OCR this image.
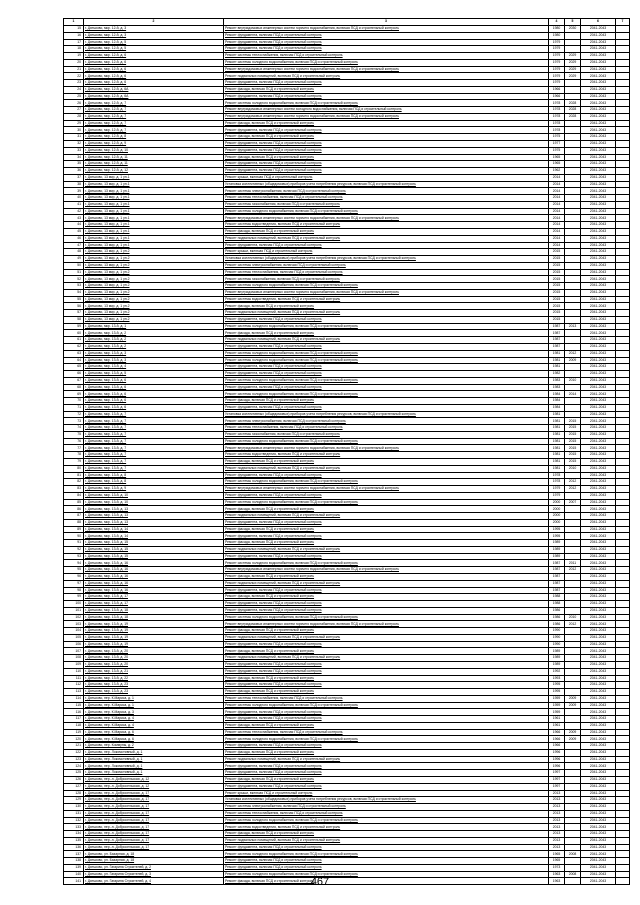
1	2	3	4	5	6	7
15	г. Дятьково, мкр. 12-й, д. 3	Ремонт внутридомовых инженерных систем горячего водоснабжения, включая ПСД и строительный контроль	1980	2030	2041-2043	
16	г. Дятьково, мкр. 12-й, д. 3	Ремонт фундамента, включая ПСД и строительный контроль	1980		2041-2043	
17	г. Дятьково, мкр. 12-й, д. 5	Ремонт фундамента, включая ПСД и строительный контроль	1979		2041-2043	
18	г. Дятьково, мкр. 12-й, д. 5	Ремонт фундамента, включая ПСД и строительный контроль	1979		2041-2043	
19	г. Дятьково, мкр. 12-й, д. 6	Ремонт системы теплоснабжения, включая ПСД и строительный контроль	1979	2029	2041-2043	
20	г. Дятьково, мкр. 12-й, д. 6	Ремонт системы холодного водоснабжения, включая ПСД и строительный контроль	1979	2029	2041-2043	
21	г. Дятьково, мкр. 12-й, д. 6	Ремонт внутридомовых инженерных систем горячего водоснабжения, включая ПСД и строительный контроль	1979	2029	2041-2043	
22	г. Дятьково, мкр. 12-й, д. 6	Ремонт подвальных помещений, включая ПСД и строительный контроль	1979	2029	2041-2043	
23	г. Дятьково, мкр. 12-й, д. 6	Ремонт фундамента, включая ПСД и строительный контроль	1979		2041-2043	
24	г. Дятьково, мкр. 12-й, д. 6А	Ремонт фасада, включая ПСД и строительный контроль	1966		2041-2043	
25	г. Дятьково, мкр. 12-й, д. 6А	Ремонт фундамента, включая ПСД и строительный контроль	1966		2041-2043	
26	г. Дятьково, мкр. 12-й, д. 7	Ремонт системы холодного водоснабжения, включая ПСД и строительный контроль	1978	2028	2041-2043	
27	г. Дятьково, мкр. 12-й, д. 7	Ремонт внутридомовых инженерных систем холодного водоснабжения, включая ПСД и строительный контроль	1978	2028	2041-2043	
28	г. Дятьково, мкр. 12-й, д. 7	Ремонт внутридомовых инженерных систем горячего водоснабжения, включая ПСД и строительный контроль	1978	2028	2041-2043	
29	г. Дятьково, мкр. 12-й, д. 7	Ремонт фасада, включая ПСД и строительный контроль	1978		2041-2043	
30	г. Дятьково, мкр. 12-й, д. 7	Ремонт фундамента, включая ПСД и строительный контроль	1978		2041-2043	
31	г. Дятьково, мкр. 12-й, д. 8	Ремонт фасада, включая ПСД и строительный контроль	1975		2041-2043	
32	г. Дятьково, мкр. 12-й, д. 9	Ремонт фундамента, включая ПСД и строительный контроль	1977		2041-2043	
33	г. Дятьково, мкр. 12-й, д. 10	Ремонт фундамента, включая ПСД и строительный контроль	1975		2041-2043	
34	г. Дятьково, мкр. 12-й, д. 11	Ремонт фасада, включая ПСД и строительный контроль	1965		2041-2043	
35	г. Дятьково, мкр. 12-й, д. 11	Ремонт фундамента, включая ПСД и строительный контроль	1965		2041-2043	
36	г. Дятьково, мкр. 12-й, д. 12	Ремонт фундамента, включая ПСД и строительный контроль	1962		2041-2043	
37	г. Дятьково, 13 мкр, д. 1 ун.1	Ремонт крыши, включая ПСД и строительный контроль	2014		2041-2043	
38	г. Дятьково, 13 мкр, д. 1 ун.1	Установка коллективных (общедомовых) приборов учета потребления ресурсов, включая ПСД и строительный контроль	2014		2041-2043	
39	г. Дятьково, 13 мкр, д. 1 ун.1	Ремонт системы электроснабжения, включая ПСД и строительный контроль	2014		2041-2043	
40	г. Дятьково, 13 мкр, д. 1 ун.1	Ремонт системы теплоснабжения, включая ПСД и строительный контроль	2014		2041-2043	
41	г. Дятьково, 13 мкр, д. 1 ун.1	Ремонт системы газоснабжения, включая ПСД и строительный контроль	2014		2041-2043	
42	г. Дятьково, 13 мкр, д. 1 ун.1	Ремонт системы холодного водоснабжения, включая ПСД и строительный контроль	2014		2041-2043	
43	г. Дятьково, 13 мкр, д. 1 ун.1	Ремонт внутридомовых инженерных систем горячего водоснабжения, включая ПСД и строительный контроль	2014		2041-2043	
44	г. Дятьково, 13 мкр, д. 1 ун.1	Ремонт системы водоотведения, включая ПСД и строительный контроль	2014		2041-2043	
45	г. Дятьково, 13 мкр, д. 1 ун.1	Ремонт фасада, включая ПСД и строительный контроль	2014		2041-2043	
46	г. Дятьково, 13 мкр, д. 1 ун.1	Ремонт подвальных помещений, включая ПСД и строительный контроль	2014		2041-2043	
47	г. Дятьково, 13 мкр, д. 1 ун.1	Ремонт фундамента, включая ПСД и строительный контроль	2014		2041-2043	
48	г. Дятьково, 13 мкр, д. 1 ун.2	Ремонт крыши, включая ПСД и строительный контроль	2015		2041-2043	
49	г. Дятьково, 13 мкр, д. 1 ун.2	Установка коллективных (общедомовых) приборов учета потребления ресурсов, включая ПСД и строительный контроль	2015		2041-2043	
50	г. Дятьково, 13 мкр, д. 1 ун.2	Ремонт системы электроснабжения, включая ПСД и строительный контроль	2015		2041-2043	
51	г. Дятьково, 13 мкр, д. 1 ун.2	Ремонт системы теплоснабжения, включая ПСД и строительный контроль	2015		2041-2043	
52	г. Дятьково, 13 мкр, д. 1 ун.2	Ремонт системы газоснабжения, включая ПСД и строительный контроль	2015		2041-2043	
53	г. Дятьково, 13 мкр, д. 1 ун.2	Ремонт системы холодного водоснабжения, включая ПСД и строительный контроль	2015		2041-2043	
54	г. Дятьково, 13 мкр, д. 1 ун.2	Ремонт внутридомовых инженерных систем горячего водоснабжения, включая ПСД и строительный контроль	2015		2041-2043	
55	г. Дятьково, 13 мкр, д. 1 ун.2	Ремонт системы водоотведения, включая ПСД и строительный контроль	2015		2041-2043	
56	г. Дятьково, 13 мкр, д. 1 ун.2	Ремонт фасада, включая ПСД и строительный контроль	2015		2041-2043	
57	г. Дятьково, 13 мкр, д. 1 ун.2	Ремонт подвальных помещений, включая ПСД и строительный контроль	2015		2041-2043	
58	г. Дятьково, 13 мкр, д. 1 ун.2	Ремонт фундамента, включая ПСД и строительный контроль	2015		2041-2043	
59	г. Дятьково, мкр. 13-й, д. 1	Ремонт системы холодного водоснабжения, включая ПСД и строительный контроль	1987	2013	2041-2043	
60	г. Дятьково, мкр. 13-й, д. 2	Ремонт фасада, включая ПСД и строительный контроль	1987		2041-2043	
61	г. Дятьково, мкр. 13-й, д. 2	Ремонт подвальных помещений, включая ПСД и строительный контроль	1987		2041-2043	
62	г. Дятьково, мкр. 13-й, д. 2	Ремонт фундамента, включая ПСД и строительный контроль	1987		2041-2043	
63	г. Дятьково, мкр. 13-й, д. 3	Ремонт системы холодного водоснабжения, включая ПСД и строительный контроль	1981	2012	2041-2043	
64	г. Дятьково, мкр. 13-й, д. 3	Ремонт системы холодного водоснабжения, включая ПСД и строительный контроль	1981	2009	2041-2043	
65	г. Дятьково, мкр. 13-й, д. 4	Ремонт фундамента, включая ПСД и строительный контроль	1981		2041-2043	
66	г. Дятьково, мкр. 13-й, д. 5	Ремонт фундамента, включая ПСД и строительный контроль	1982		2041-2043	
67	г. Дятьково, мкр. 13-й, д. 6	Ремонт системы холодного водоснабжения, включая ПСД и строительный контроль	1983	2010	2041-2043	
68	г. Дятьково, мкр. 13-й, д. 6	Ремонт фундамента, включая ПСД и строительный контроль	1983		2041-2043	
69	г. Дятьково, мкр. 13-й, д. 6	Ремонт системы холодного водоснабжения, включая ПСД и строительный контроль	1984	2014	2041-2043	
70	г. Дятьково, мкр. 13-й, д. 6	Ремонт фасада, включая ПСД и строительный контроль	1984		2041-2043	
71	г. Дятьково, мкр. 13-й, д. 6	Ремонт фундамента, включая ПСД и строительный контроль	1984		2041-2043	
72	г. Дятьково, мкр. 13-й, д. 7	Установка коллективных (общедомовых) приборов учета потребления ресурсов, включая ПСД и строительный контроль	1981		2041-2043	
73	г. Дятьково, мкр. 13-й, д. 7	Ремонт системы электроснабжения, включая ПСД и строительный контроль	1981	2015	2041-2043	
74	г. Дятьково, мкр. 13-й, д. 7	Ремонт системы теплоснабжения, включая ПСД и строительный контроль	1981	2015	2041-2043	
75	г. Дятьково, мкр. 13-й, д. 7	Ремонт системы газоснабжения, включая ПСД и строительный контроль	1981	2015	2041-2043	
76	г. Дятьково, мкр. 13-й, д. 7	Ремонт системы холодного водоснабжения, включая ПСД и строительный контроль	1981	2015	2041-2043	
77	г. Дятьково, мкр. 13-й, д. 7	Ремонт внутридомовых инженерных систем горячего водоснабжения, включая ПСД и строительный контроль	1981	2015	2041-2043	
78	г. Дятьково, мкр. 13-й, д. 7	Ремонт системы водоотведения, включая ПСД и строительный контроль	1981	2015	2041-2043	
79	г. Дятьково, мкр. 13-й, д. 7	Ремонт фасада, включая ПСД и строительный контроль	1981	2015	2041-2043	
80	г. Дятьково, мкр. 13-й, д. 7	Ремонт подвальных помещений, включая ПСД и строительный контроль	1981	2010	2041-2043	
81	г. Дятьково, мкр. 13-й, д. 8	Ремонт фундамента, включая ПСД и строительный контроль	1978		2041-2043	
82	г. Дятьково, мкр. 13-й, д. 8	Ремонт системы холодного водоснабжения, включая ПСД и строительный контроль	1978	2012	2041-2043	
83	г. Дятьково, мкр. 13-й, д. 9	Ремонт внутридомовых инженерных систем горячего водоснабжения, включая ПСД и строительный контроль	1979	2012	2041-2043	
84	г. Дятьково, мкр. 13-й, д. 10	Ремонт фундамента, включая ПСД и строительный контроль	1979		2041-2043	
85	г. Дятьково, мкр. 13-й, д. 10	Ремонт системы холодного водоснабжения, включая ПСД и строительный контроль	2000	2007	2041-2043	
86	г. Дятьково, мкр. 13-й, д. 13	Ремонт фасада, включая ПСД и строительный контроль	2000		2041-2043	
87	г. Дятьково, мкр. 13-й, д. 13	Ремонт подвальных помещений, включая ПСД и строительный контроль	2000		2041-2043	
88	г. Дятьково, мкр. 13-й, д. 13	Ремонт фундамента, включая ПСД и строительный контроль	2000		2041-2043	
89	г. Дятьково, мкр. 13-й, д. 14	Ремонт фасада, включая ПСД и строительный контроль	1995		2041-2043	
90	г. Дятьково, мкр. 13-й, д. 14	Ремонт фундамента, включая ПСД и строительный контроль	1995		2041-2043	
91	г. Дятьково, мкр. 13-й, д. 15	Ремонт фасада, включая ПСД и строительный контроль	1989		2041-2043	
92	г. Дятьково, мкр. 13-й, д. 15	Ремонт подвальных помещений, включая ПСД и строительный контроль	1989		2041-2043	
93	г. Дятьково, мкр. 13-й, д. 15	Ремонт фундамента, включая ПСД и строительный контроль	1989		2041-2043	
94	г. Дятьково, мкр. 13-й, д. 16	Ремонт системы холодного водоснабжения, включая ПСД и строительный контроль	1987	2011	2041-2043	
95	г. Дятьково, мкр. 13-й, д. 16	Ремонт внутридомовых инженерных систем горячего водоснабжения, включая ПСД и строительный контроль	1987	2012	2041-2043	
96	г. Дятьково, мкр. 13-й, д. 16	Ремонт фасада, включая ПСД и строительный контроль	1987		2041-2043	
97	г. Дятьково, мкр. 13-й, д. 16	Ремонт подвальных помещений, включая ПСД и строительный контроль	1987		2041-2043	
98	г. Дятьково, мкр. 13-й, д. 16	Ремонт фундамента, включая ПСД и строительный контроль	1987		2041-2043	
99	г. Дятьково, мкр. 13-й, д. 17	Ремонт фасада, включая ПСД и строительный контроль	1988		2041-2043	
100	г. Дятьково, мкр. 13-й, д. 17	Ремонт фундамента, включая ПСД и строительный контроль	1988		2041-2043	
101	г. Дятьково, мкр. 13-й, д. 18	Ремонт фундамента, включая ПСД и строительный контроль	1986		2041-2043	
102	г. Дятьково, мкр. 13-й, д. 18	Ремонт системы холодного водоснабжения, включая ПСД и строительный контроль	1986	2010	2041-2043	
103	г. Дятьково, мкр. 13-й, д. 19	Ремонт внутридомовых инженерных систем горячего водоснабжения, включая ПСД и строительный контроль	1986	2012	2041-2043	
104	г. Дятьково, мкр. 13-й, д. 19	Ремонт фасада, включая ПСД и строительный контроль	1990		2041-2043	
105	г. Дятьково, мкр. 13-й, д. 19	Ремонт подвальных помещений, включая ПСД и строительный контроль	1990		2041-2043	
106	г. Дятьково, мкр. 13-й, д. 19	Ремонт фундамента, включая ПСД и строительный контроль	1990		2041-2043	
107	г. Дятьково, мкр. 13-й, д. 20	Ремонт фасада, включая ПСД и строительный контроль	1989		2041-2043	
108	г. Дятьково, мкр. 13-й, д. 20	Ремонт подвальных помещений, включая ПСД и строительный контроль	1989		2041-2043	
109	г. Дятьково, мкр. 13-й, д. 20	Ремонт фундамента, включая ПСД и строительный контроль	1989		2041-2043	
110	г. Дятьково, мкр. 13-й, д. 21	Ремонт фундамента, включая ПСД и строительный контроль	1992		2041-2043	
111	г. Дятьково, мкр. 13-й, д. 22	Ремонт фасада, включая ПСД и строительный контроль	1993		2041-2043	
112	г. Дятьково, мкр. 13-й, д. 23	Ремонт фундамента, включая ПСД и строительный контроль	1995		2041-2043	
113	г. Дятьково, мкр. 13-й, д. 23	Ремонт фасада, включая ПСД и строительный контроль	1995		2041-2043	
114	г. Дятьково, пер. К.Маркса, д. 1	Ремонт системы теплоснабжения, включая ПСД и строительный контроль	1959	2009	2041-2043	
115	г. Дятьково, пер. К.Маркса, д. 1	Ремонт системы холодного водоснабжения, включая ПСД и строительный контроль	1959	2009	2041-2043	
116	г. Дятьково, пер. К.Маркса, д. 3	Ремонт фундамента, включая ПСД и строительный контроль	1959		2041-2043	
117	г. Дятьково, пер. К.Маркса, д. 4	Ремонт фундамента, включая ПСД и строительный контроль	1961		2041-2043	
118	г. Дятьково, пер. К.Маркса, д. 4	Ремонт фасада, включая ПСД и строительный контроль	1961		2041-2043	
119	г. Дятьково, пер. К.Маркса, д. 6	Ремонт системы теплоснабжения, включая ПСД и строительный контроль	1966	2009	2041-2043	
120	г. Дятьково, пер. К.Маркса, д. 6	Ремонт системы холодного водоснабжения, включая ПСД и строительный контроль	1966	2009	2041-2043	
121	г. Дятьково, пер. Коммуны, д. 2	Ремонт фундамента, включая ПСД и строительный контроль	1966		2041-2043	
122	г. Дятьково, пер. Локомотивный, д. 1	Ремонт фасада, включая ПСД и строительный контроль	1996		2041-2043	
123	г. Дятьково, пер. Локомотивный, д. 1	Ремонт подвальных помещений, включая ПСД и строительный контроль	1996		2041-2043	
124	г. Дятьково, пер. Локомотивный, д. 1	Ремонт фундамента, включая ПСД и строительный контроль	1996		2041-2043	
125	г. Дятьково, пер. Локомотивный, д. 1	Ремонт фундамента, включая ПСД и строительный контроль	1997		2041-2043	
126	г. Дятьково, пер.-п. Добросельская, д. 12	Ремонт фасада, включая ПСД и строительный контроль	1997		2041-2043	
127	г. Дятьково, пер.-п. Добросельская, д. 12	Ремонт фундамента, включая ПСД и строительный контроль	1997		2041-2043	
128	г. Дятьково, пер.-п. Добросельская, д. 17	Ремонт крыши, включая ПСД и строительный контроль	2013		2041-2043	
129	г. Дятьково, пер.-п. Добросельская, д. 17	Установка коллективных (общедомовых) приборов учета потребления ресурсов, включая ПСД и строительный контроль	2013		2041-2043	
130	г. Дятьково, пер.-п. Добросельская, д. 17	Ремонт системы электроснабжения, включая ПСД и строительный контроль	2013		2041-2043	
131	г. Дятьково, пер.-п. Добросельская, д. 17	Ремонт системы теплоснабжения, включая ПСД и строительный контроль	2013		2041-2043	
132	г. Дятьково, пер.-п. Добросельская, д. 17	Ремонт системы холодного водоснабжения, включая ПСД и строительный контроль	2013		2041-2043	
133	г. Дятьково, пер.-п. Добросельская, д. 17	Ремонт системы водоотведения, включая ПСД и строительный контроль	2013		2041-2043	
134	г. Дятьково, пер.-п. Добросельская, д. 17	Ремонт фасада, включая ПСД и строительный контроль	2013		2041-2043	
135	г. Дятьково, пер.-п. Добросельская, д. 17	Ремонт подвальных помещений, включая ПСД и строительный контроль	2013		2041-2043	
136	г. Дятьково, пер.-п. Добросельская, д. 17	Ремонт фундамента, включая ПСД и строительный контроль	2013		2041-2043	
137	г. Дятьково, ул. Базарная, д. 18	Ремонт системы холодного водоснабжения, включая ПСД и строительный контроль	1965	2008	2041-2043	
138	г. Дятьково, ул. Базарная, д. 18	Ремонт фундамента, включая ПСД и строительный контроль	1965		2041-2043	
139	г. Дятьково, ул. Гагарина Строителей, д. 2	Ремонт фундамента, включая ПСД и строительный контроль	1973		2041-2043	
140	г. Дятьково, ул. Гагарина Строителей, д. 3	Ремонт системы холодного водоснабжения, включая ПСД и строительный контроль	1963	2008	2041-2043	
141	г. Дятьково, ул. Гагарина Строителей, д. 4	Ремонт фасада, включая ПСД и строительный контроль	1963		2041-2043	
467
